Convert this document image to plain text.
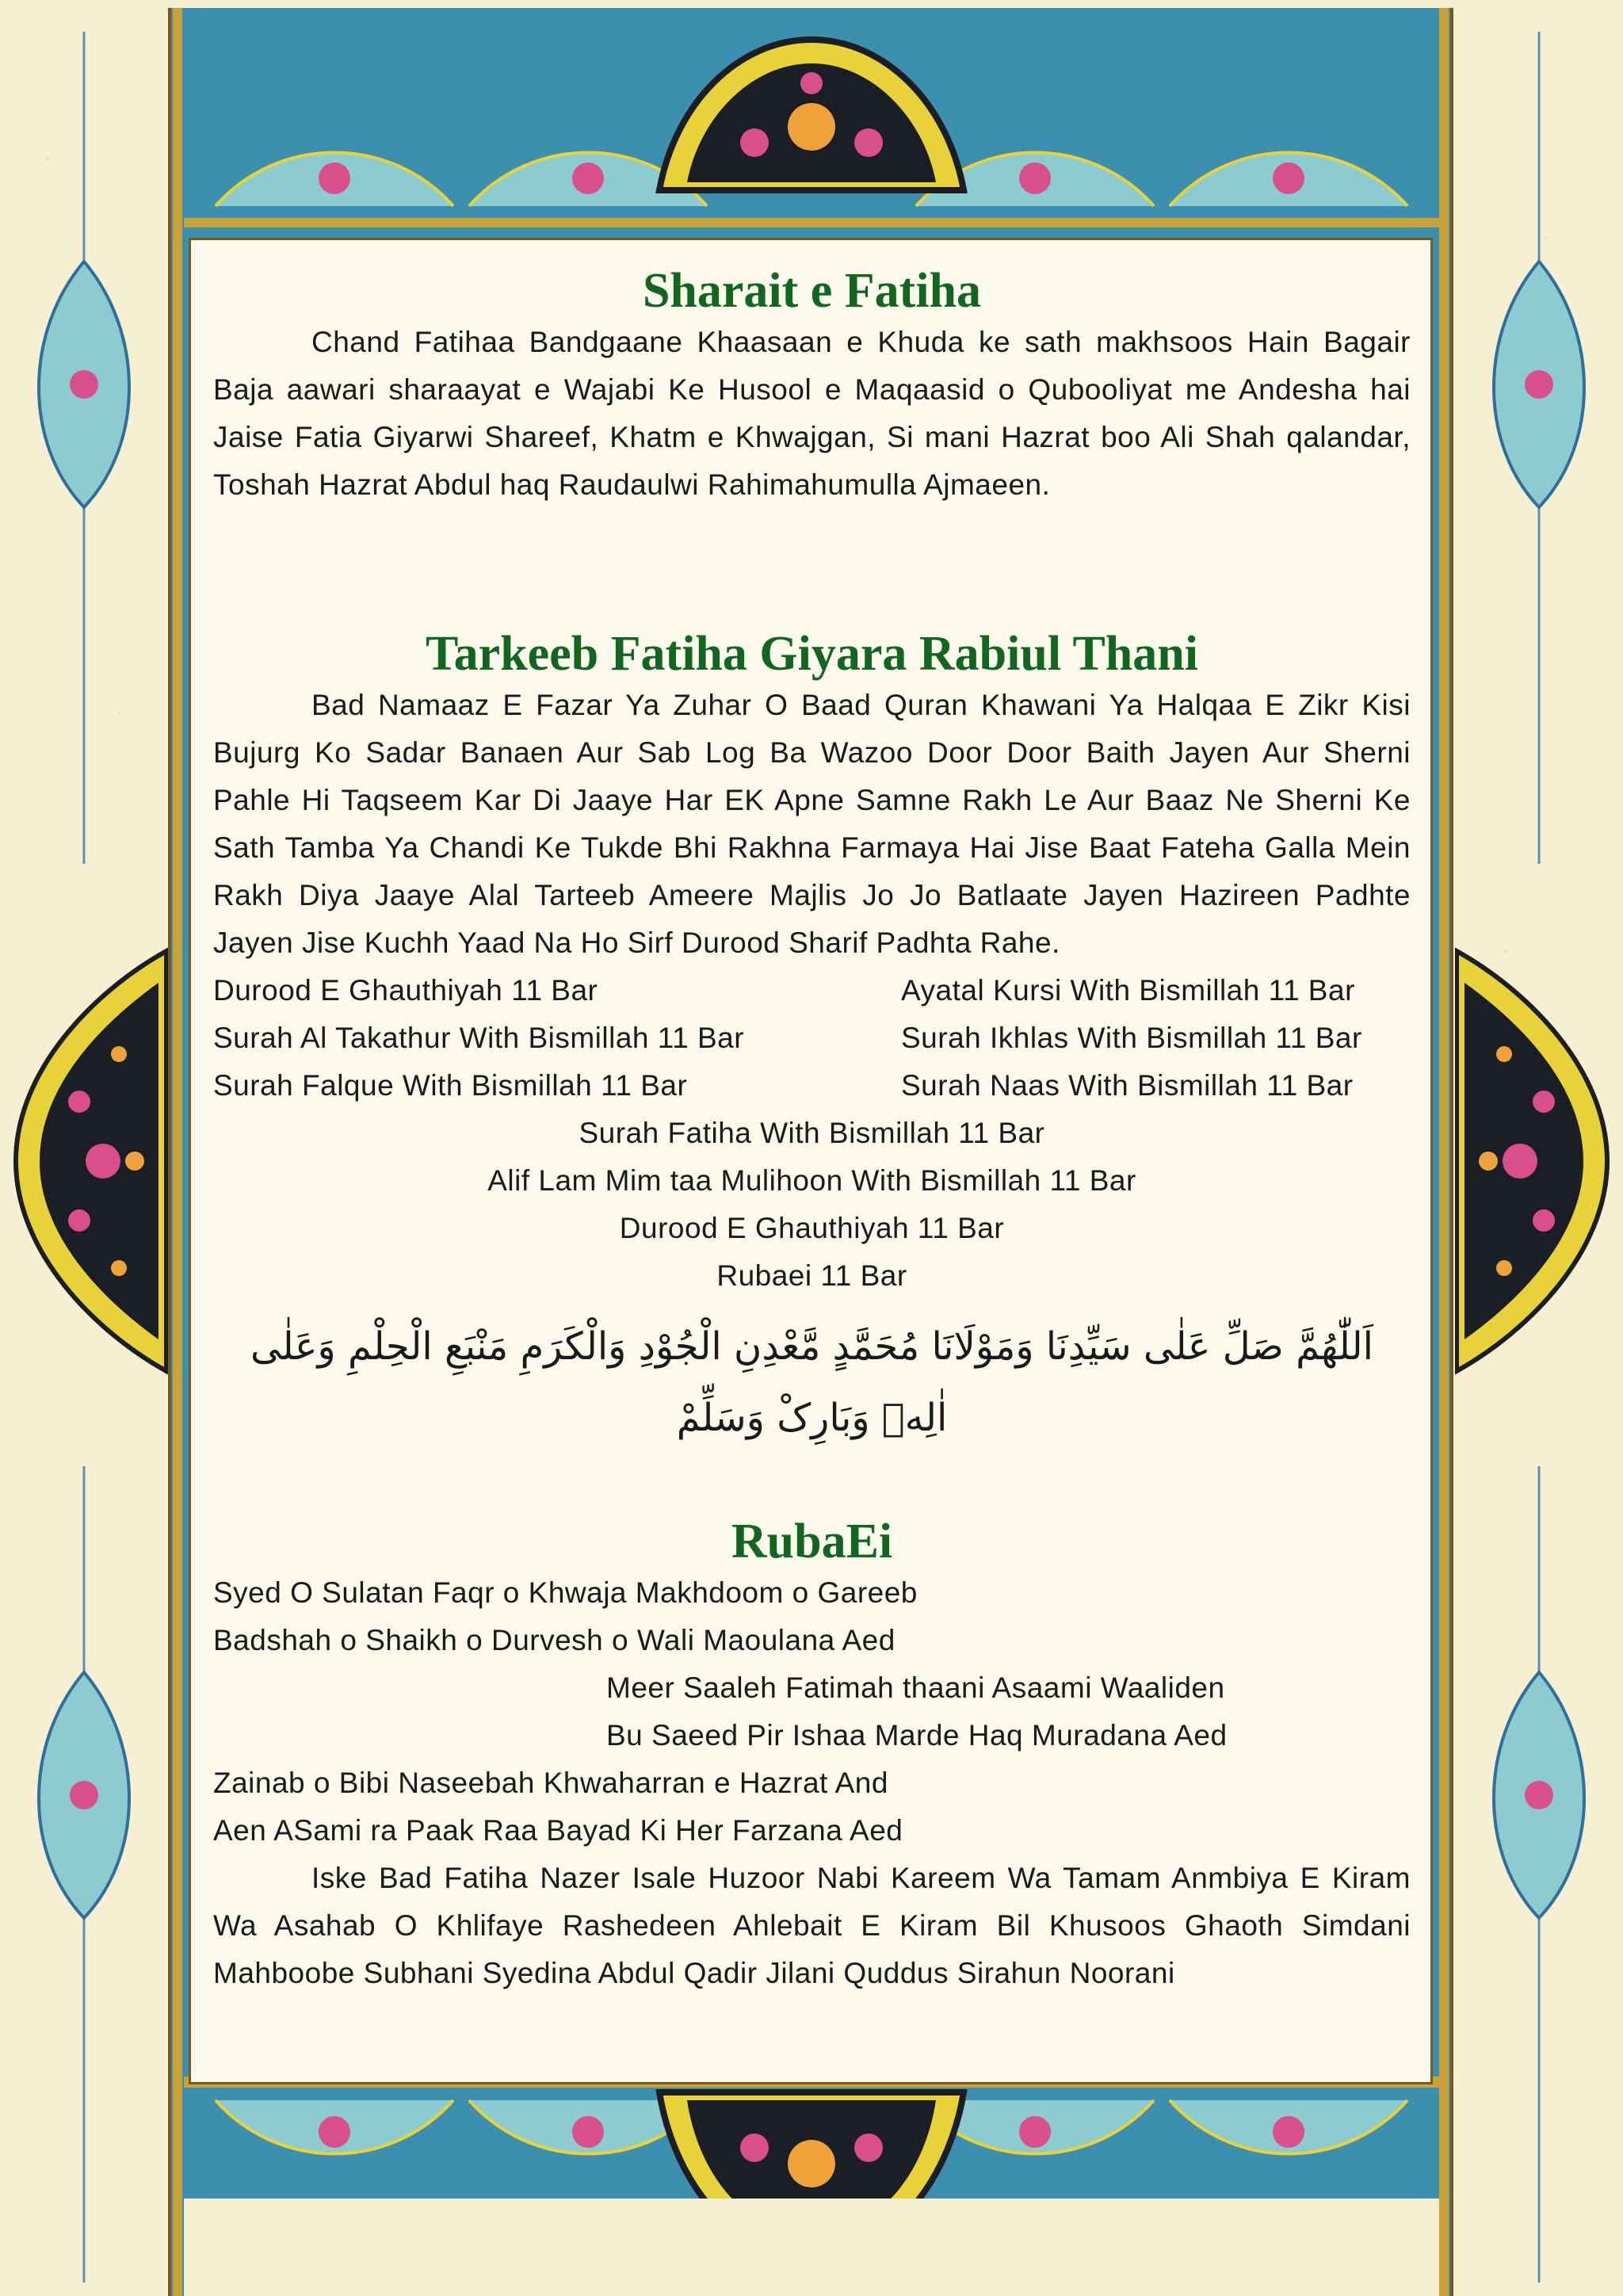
Sharait e Fatiha

Chand Fatihaa Bandgaane Khaasaan e Khuda ke sath makhsoos Hain Bagair Baja aawari sharaayat e Wajabi Ke Husool e Maqaasid o Qubooliyat me Andesha hai Jaise Fatia Giyarwi Shareef, Khatm e Khwajgan, Si mani Hazrat boo Ali Shah qalandar, Toshah Hazrat Abdul haq Raudaulwi Rahimahumulla Ajmaeen.

Tarkeeb Fatiha Giyara Rabiul Thani

Bad Namaaz E Fazar Ya Zuhar O Baad Quran Khawani Ya Halqaa E Zikr Kisi Bujurg Ko Sadar Banaen Aur Sab Log Ba Wazoo Door Door Baith Jayen Aur Sherni Pahle Hi Taqseem Kar Di Jaaye Har EK Apne Samne Rakh Le Aur Baaz Ne Sherni Ke Sath Tamba Ya Chandi Ke Tukde Bhi Rakhna Farmaya Hai Jise Baat Fateha Galla Mein Rakh Diya Jaaye Alal Tarteeb Ameere Majlis Jo Jo Batlaate Jayen Hazireen Padhte Jayen Jise Kuchh Yaad Na Ho Sirf Durood Sharif Padhta Rahe.

Durood E Ghauthiyah 11 Bar	Ayatal Kursi With Bismillah 11 Bar
Surah Al Takathur With Bismillah 11 Bar	Surah Ikhlas With Bismillah 11 Bar
Surah Falque With Bismillah 11 Bar	Surah Naas With Bismillah 11 Bar
Surah Fatiha With Bismillah 11 Bar
Alif Lam Mim taa Mulihoon With Bismillah 11 Bar
Durood E Ghauthiyah 11 Bar
Rubaei 11 Bar
اَللّٰھُمَّ صَلِّ عَلٰی سَیِّدِنَا وَمَوْلَانَا مُحَمَّدٍ مَّعْدِنِ الْجُوْدِ وَالْکَرَمِ مَنْبَعِ الْحِلْمِ وَعَلٰی اٰلِهٖ وَبَارِکْ وَسَلِّمْ
RubaEi
Syed O Sulatan Faqr o Khwaja Makhdoom o Gareeb
Badshah o Shaikh o Durvesh o Wali Maoulana Aed
Meer Saaleh Fatimah thaani Asaami Waaliden
Bu Saeed Pir Ishaa Marde Haq Muradana Aed
Zainab o Bibi Naseebah Khwaharran e Hazrat And
Aen ASami ra Paak Raa Bayad Ki Her Farzana Aed

Iske Bad Fatiha Nazer Isale Huzoor Nabi Kareem Wa Tamam Anmbiya E Kiram Wa Asahab O Khlifaye Rashedeen Ahlebait E Kiram Bil Khusoos Ghaoth Simdani Mahboobe Subhani Syedina Abdul Qadir Jilani Quddus Sirahun Noorani
